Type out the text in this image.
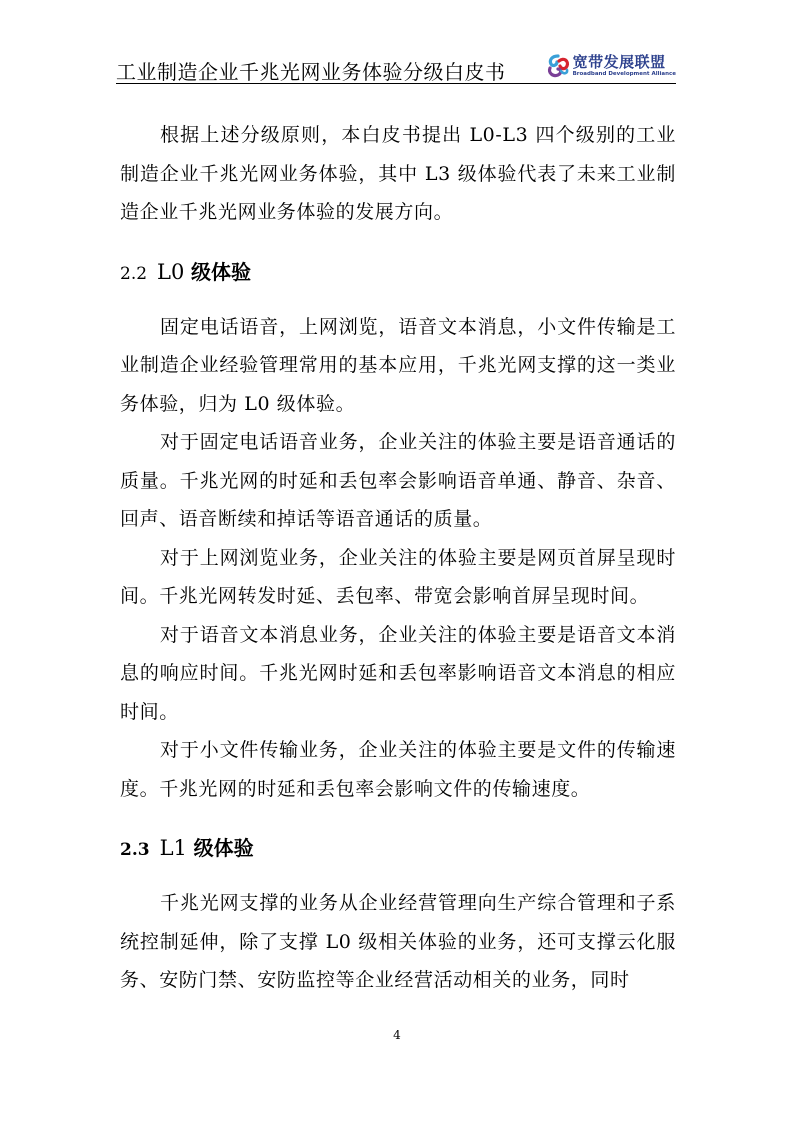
工业制造企业千兆光网业务体验分级白皮书	宽带发展联盟
Broadband Development Alliance

根据上述分级原则，本白皮书提出 L0-L3 四个级别的工业制造企业千兆光网业务体验，其中 L3 级体验代表了未来工业制造企业千兆光网业务体验的发展方向。

2.2 L0 级体验

固定电话语音，上网浏览，语音文本消息，小文件传输是工业制造企业经验管理常用的基本应用，千兆光网支撑的这一类业务体验，归为 L0 级体验。

对于固定电话语音业务，企业关注的体验主要是语音通话的质量。千兆光网的时延和丢包率会影响语音单通、静音、杂音、回声、语音断续和掉话等语音通话的质量。

对于上网浏览业务，企业关注的体验主要是网页首屏呈现时间。千兆光网转发时延、丢包率、带宽会影响首屏呈现时间。

对于语音文本消息业务，企业关注的体验主要是语音文本消息的响应时间。千兆光网时延和丢包率影响语音文本消息的相应时间。

对于小文件传输业务，企业关注的体验主要是文件的传输速度。千兆光网的时延和丢包率会影响文件的传输速度。

2.3 L1 级体验

千兆光网支撑的业务从企业经营管理向生产综合管理和子系统控制延伸，除了支撑 L0 级相关体验的业务，还可支撑云化服务、安防门禁、安防监控等企业经营活动相关的业务，同时

4
